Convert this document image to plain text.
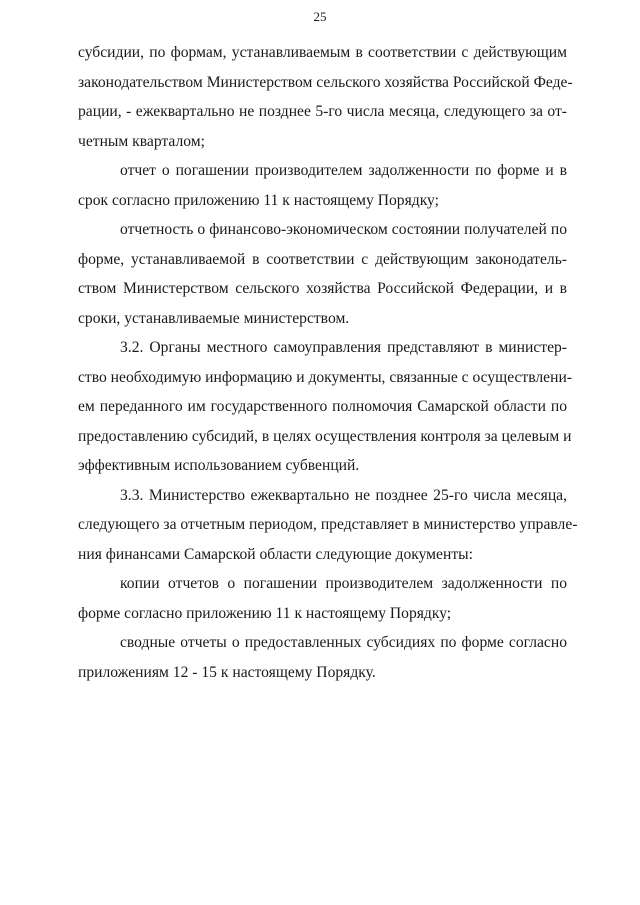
25
субсидии, по формам, устанавливаемым в соответствии с действующим
законодательством Министерством сельского хозяйства Российской Феде-
рации, - ежеквартально не позднее 5-го числа месяца, следующего за от-
четным кварталом;
отчет о погашении производителем задолженности по форме и в
срок согласно приложению 11 к настоящему Порядку;
отчетность о финансово-экономическом состоянии получателей по
форме, устанавливаемой в соответствии с действующим законодатель-
ством Министерством сельского хозяйства Российской Федерации, и в
сроки, устанавливаемые министерством.
3.2. Органы местного самоуправления представляют в министер-
ство необходимую информацию и документы, связанные с осуществлени-
ем переданного им государственного полномочия Самарской области по
предоставлению субсидий, в целях осуществления контроля за целевым и
эффективным использованием субвенций.
3.3. Министерство ежеквартально не позднее 25-го числа месяца,
следующего за отчетным периодом, представляет в министерство управле-
ния финансами Самарской области следующие документы:
копии отчетов о погашении производителем задолженности по
форме согласно приложению 11 к настоящему Порядку;
сводные отчеты о предоставленных субсидиях по форме согласно
приложениям 12 - 15 к настоящему Порядку.
